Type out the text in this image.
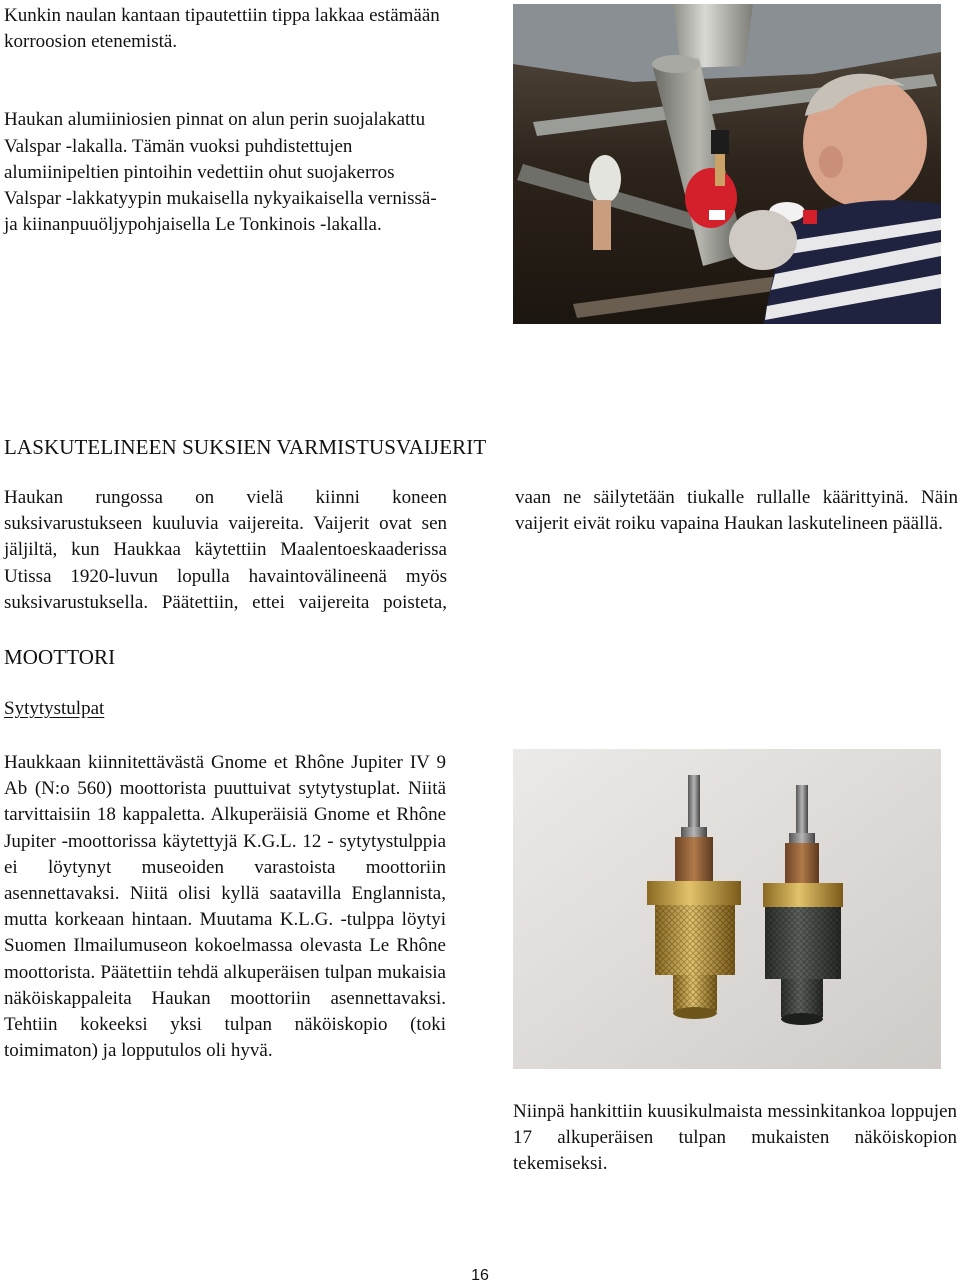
Kunkin naulan kantaan tipautettiin tippa lakkaa estämään korroosion etenemistä.

Haukan alumiiniosien pinnat on alun perin suojalakattu Valspar -lakalla. Tämän vuoksi puhdistettujen alumiinipeltien pintoihin vedettiin ohut suojakerros Valspar -lakkatyypin mukaisella nykyaikaisella vernissä- ja kiinanpuuöljypohjaisella Le Tonkinois -lakalla.

LASKUTELINEEN SUKSIEN VARMISTUSVAIJERIT
Haukan rungossa on vielä kiinni koneen suksivarustukseen kuuluvia vaijereita. Vaijerit ovat sen jäljiltä, kun Haukkaa käytettiin Maalentoeskaaderissa Utissa 1920-luvun lopulla havaintovälineenä myös suksivarustuksella. Päätettiin, ettei vaijereita poisteta, vaan ne säilytetään tiukalle rullalle käärittyinä. Näin vaijerit eivät roiku vapaina Haukan laskutelineen päällä.
MOOTTORI
Sytytystulpat
Haukkaan kiinnitettävästä Gnome et Rhône Jupiter IV 9 Ab (N:o 560) moottorista puuttuivat sytytystuplat. Niitä tarvittaisiin 18 kappaletta. Alkuperäisiä Gnome et Rhône Jupiter -moottorissa käytettyjä K.G.L. 12 - sytytystulppia ei löytynyt museoiden varastoista moottoriin asennettavaksi. Niitä olisi kyllä saatavilla Englannista, mutta korkeaan hintaan. Muutama K.L.G. -tulppa löytyi Suomen Ilmailumuseon kokoelmassa olevasta Le Rhône moottorista. Päätettiin tehdä alkuperäisen tulpan mukaisia näköiskappaleita Haukan moottoriin asennettavaksi. Tehtiin kokeeksi yksi tulpan näköiskopio (toki toimimaton) ja lopputulos oli hyvä.
Niinpä hankittiin kuusikulmaista messinkitankoa loppujen 17 alkuperäisen tulpan mukaisten näköiskopion tekemiseksi.
16
